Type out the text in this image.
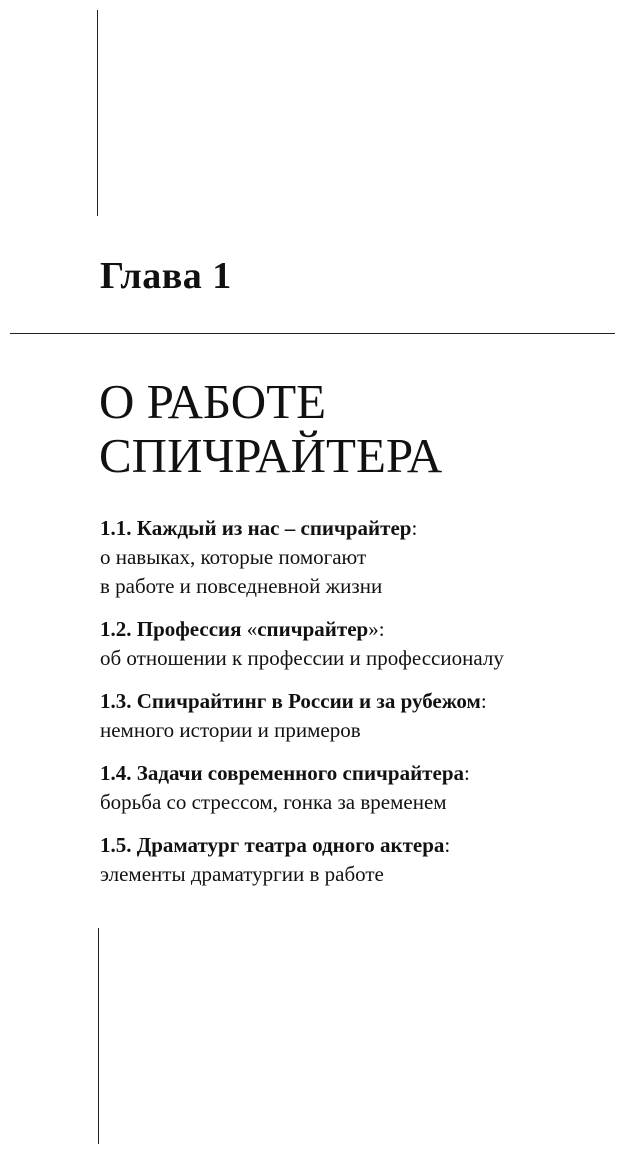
Глава 1
О РАБОТЕ
СПИЧРАЙТЕРА
1.1. Каждый из нас – спичрайтер:
о навыках, которые помогают
в работе и повседневной жизни
1.2. Профессия «спичрайтер»:
об отношении к профессии и профессионалу
1.3. Спичрайтинг в России и за рубежом:
немного истории и примеров
1.4. Задачи современного спичрайтера:
борьба со стрессом, гонка за временем
1.5. Драматург театра одного актера:
элементы драматургии в работе
